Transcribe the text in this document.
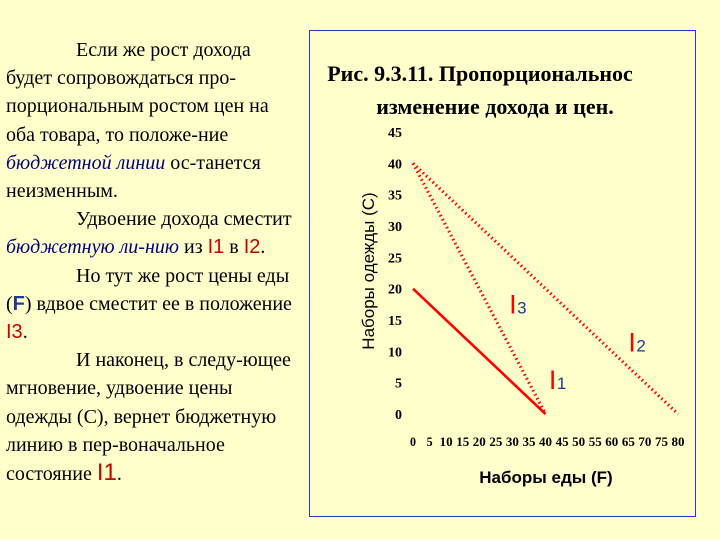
Если же рост дохода будет сопровождаться про-порциональным ростом цен на оба товара, то положе-ние бюджетной линии ос-танется неизменным.

Удвоение дохода сместит бюджетную ли-нию из I1 в I2.

Но тут же рост цены еды (F) вдвое сместит ее в положение I3.

И наконец, в следу-ющее мгновение, удвоение цены одежды (С), вернет бюджетную линию в пер-воначальное состояние I1.

Рис. 9.3.11. Пропорциональнос
изменение дохода и цен.
Наборы одежды (C)
Наборы еды (F)
0
5
10
15
20
25
30
35
40
45
0 5 10 15 20 25 30 35 40 45 50 55 60 65 70 75 80
I 1
I 2
I 3
